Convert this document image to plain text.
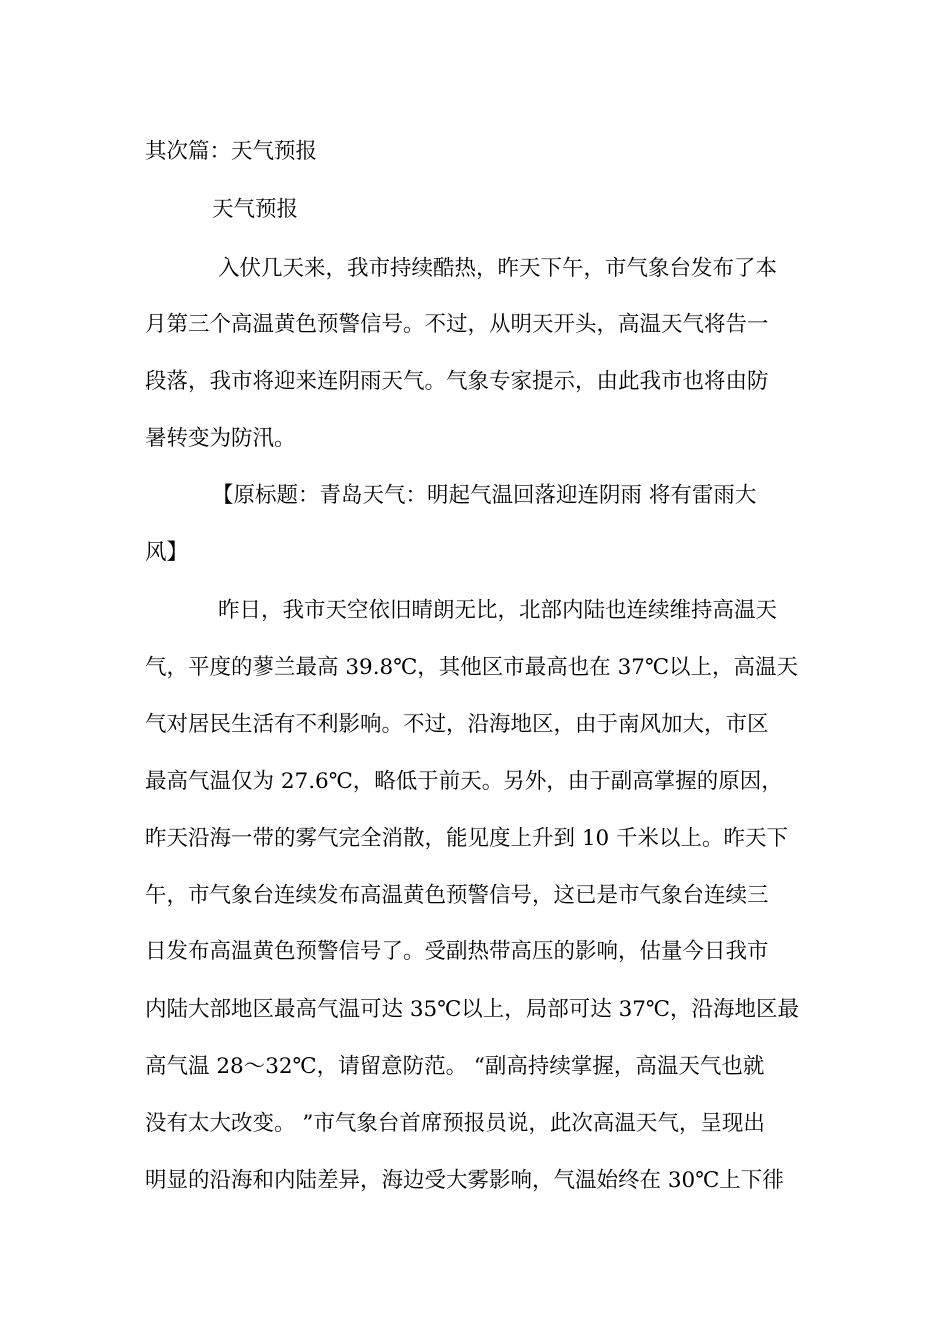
其次篇：天气预报
天气预报
入伏几天来，我市持续酷热，昨天下午，市气象台发布了本
月第三个高温黄色预警信号。不过，从明天开头，高温天气将告一
段落，我市将迎来连阴雨天气。气象专家提示，由此我市也将由防
暑转变为防汛。
【原标题：青岛天气：明起气温回落迎连阴雨 将有雷雨大
风】
昨日，我市天空依旧晴朗无比，北部内陆也连续维持高温天
气，平度的蓼兰最高 39.8℃，其他区市最高也在 37℃以上，高温天
气对居民生活有不利影响。不过，沿海地区，由于南风加大，市区
最高气温仅为 27.6℃，略低于前天。另外，由于副高掌握的原因，
昨天沿海一带的雾气完全消散，能见度上升到 10 千米以上。昨天下
午，市气象台连续发布高温黄色预警信号，这已是市气象台连续三
日发布高温黄色预警信号了。受副热带高压的影响，估量今日我市
内陆大部地区最高气温可达 35℃以上，局部可达 37℃，沿海地区最
高气温 28～32℃，请留意防范。 “副高持续掌握，高温天气也就
没有太大改变。 ”市气象台首席预报员说，此次高温天气，呈现出
明显的沿海和内陆差异，海边受大雾影响，气温始终在 30℃上下徘
